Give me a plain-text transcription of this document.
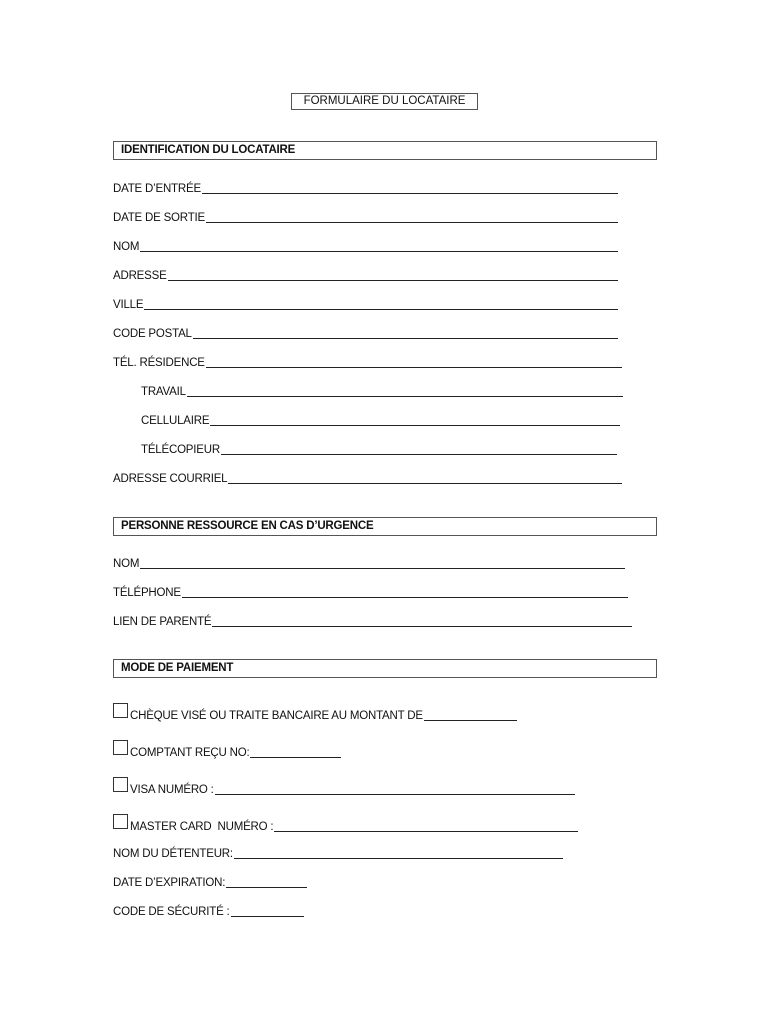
FORMULAIRE DU LOCATAIRE
IDENTIFICATION DU LOCATAIRE
DATE D’ENTRÉE
DATE DE SORTIE
NOM
ADRESSE
VILLE
CODE POSTAL
TÉL. RÉSIDENCE
TRAVAIL
CELLULAIRE
TÉLÉCOPIEUR
ADRESSE COURRIEL
PERSONNE RESSOURCE EN CAS D’URGENCE
NOM
TÉLÉPHONE
LIEN DE PARENTÉ
MODE DE PAIEMENT
CHÈQUE VISÉ OU TRAITE BANCAIRE AU MONTANT DE
COMPTANT REÇU NO:
VISA NUMÉRO :
MASTER CARD  NUMÉRO :
NOM DU DÉTENTEUR:
DATE D’EXPIRATION:
CODE DE SÉCURITÉ :
